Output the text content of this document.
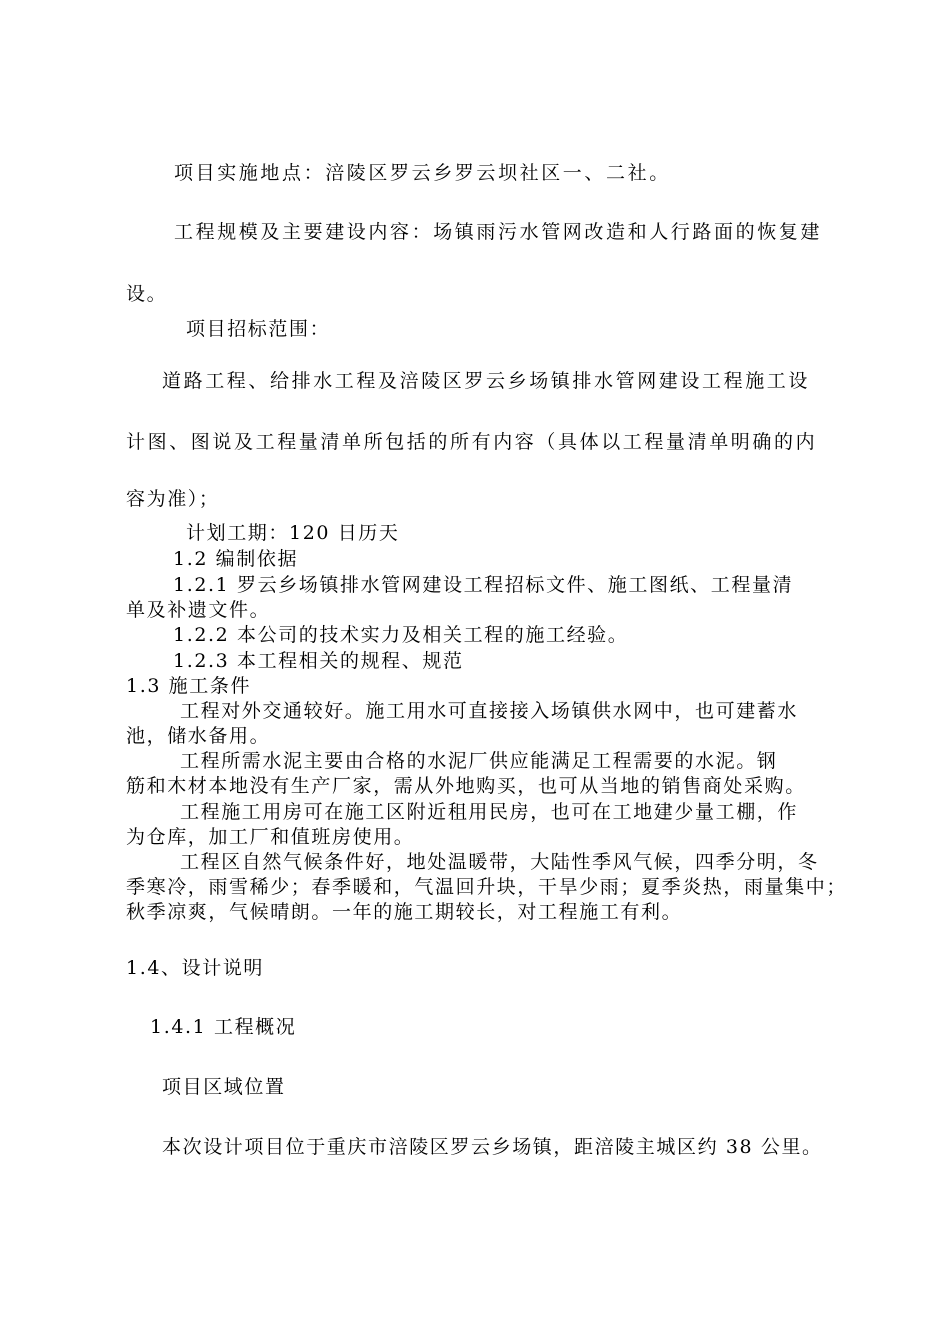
项目实施地点：涪陵区罗云乡罗云坝社区一、二社。
工程规模及主要建设内容：场镇雨污水管网改造和人行路面的恢复建
设。
项目招标范围：
道路工程、给排水工程及涪陵区罗云乡场镇排水管网建设工程施工设
计图、图说及工程量清单所包括的所有内容（具体以工程量清单明确的内
容为准）；
计划工期：120 日历天
1.2 编制依据
1.2.1 罗云乡场镇排水管网建设工程招标文件、施工图纸、工程量清
单及补遗文件。
1.2.2 本公司的技术实力及相关工程的施工经验。
1.2.3 本工程相关的规程、规范
1.3 施工条件
工程对外交通较好。施工用水可直接接入场镇供水网中，也可建蓄水
池，储水备用。
工程所需水泥主要由合格的水泥厂供应能满足工程需要的水泥。钢
筋和木材本地没有生产厂家，需从外地购买，也可从当地的销售商处采购。
工程施工用房可在施工区附近租用民房，也可在工地建少量工棚，作
为仓库，加工厂和值班房使用。
工程区自然气候条件好，地处温暖带，大陆性季风气候，四季分明，冬
季寒冷，雨雪稀少；春季暖和，气温回升块，干旱少雨；夏季炎热，雨量集中；
秋季凉爽，气候晴朗。一年的施工期较长，对工程施工有利。
1.4、设计说明
1.4.1 工程概况
项目区域位置
本次设计项目位于重庆市涪陵区罗云乡场镇，距涪陵主城区约 38 公里。
